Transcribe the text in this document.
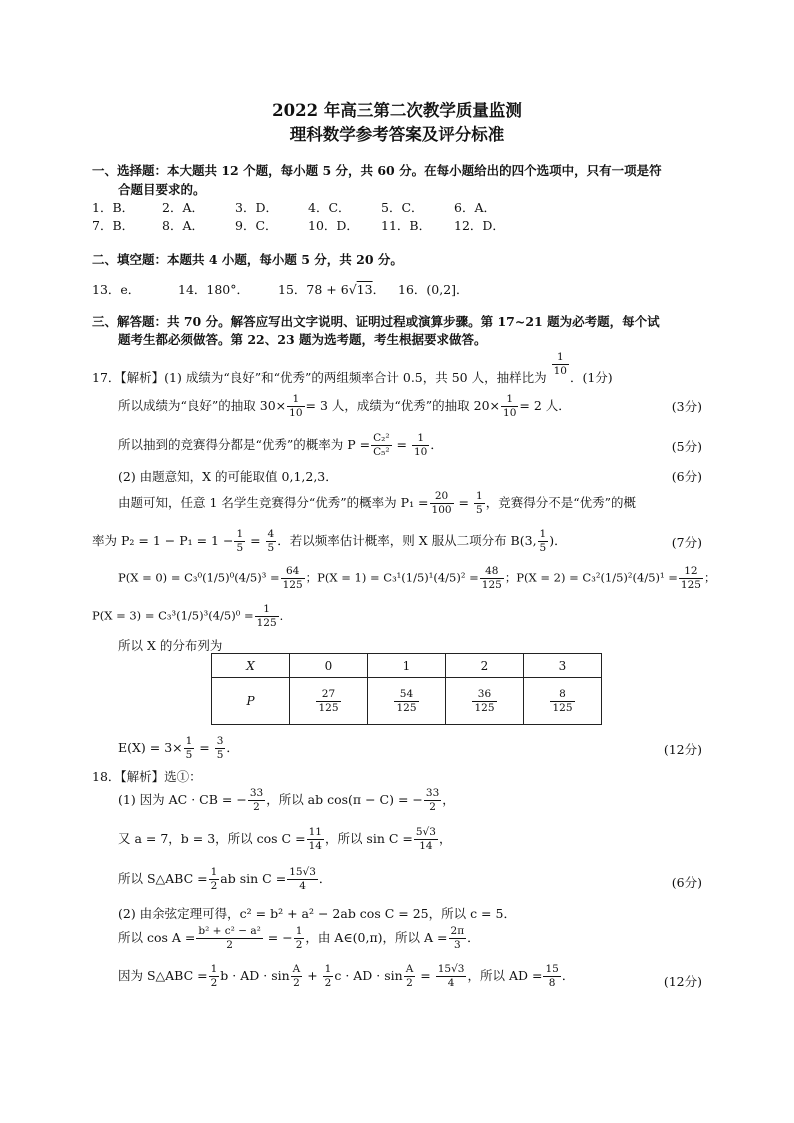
2022 年高三第二次教学质量监测
理科数学参考答案及评分标准
一、选择题：本大题共 12 个题，每小题 5 分，共 60 分。在每小题给出的四个选项中，只有一项是符
合题目要求的。
1．B． 2．A． 3．D． 4．C． 5．C． 6．A．
7．B． 8．A． 9．C． 10．D． 11．B． 12．D．
二、填空题：本题共 4 小题，每小题 5 分，共 20 分。
13．e．	14．180°． 15．78 + 6√13． 16．(0,2]．
三、解答题：共 70 分。解答应写出文字说明、证明过程或演算步骤。第 17~21 题为必考题，每个试
题考生都必须做答。第 22、23 题为选考题，考生根据要求做答。
17．【解析】(1) 成绩为“良好”和“优秀”的两组频率合计 0.5，共 50 人，抽样比为 $\frac{1}{10}$ ．(1分)
所以成绩为“良好”的抽取 $30\times \frac{1}{10} = 3$ 人，成绩为“优秀”的抽取 $20\times \frac{1}{10} = 2$ 人．	(3分)
所以抽到的竞赛得分都是“优秀”的概率为 $P = \frac{\text{C₂²}}{\text{C₅²}} = \frac{1}{10}$ ．	(5分)
(2) 由题意知，X 的可能取值 0,1,2,3．	(6分)
由题可知，任意 1 名学生竞赛得分“优秀”的概率为 $P_1 = \frac{20}{100} = \frac{1}{5}$ ，竞赛得分不是“优秀”的概
率为 $P_2 = 1 - P_1 = 1 - \frac{1}{5} = \frac{4}{5}$ ．若以频率估计概率，则 X 服从二项分布 B(3, $\frac{1}{5}$ )．	(7分)
$P(X = 0) = C_3^0(1/5)^0(4/5)^3 = \frac{64}{125}$ ；$P(X = 1) = C_3^1(1/5)^1(4/5)^2 = \frac{48}{125}$ ；$P(X = 2) = C_3^2(1/5)^2(4/5)^1 = \frac{12}{125}$ ；
$P(X = 3) = C_3^3(1/5)^3(4/5)^0 = \frac{1}{125}$ ．
所以 X 的分布列为
X	0	1	2	3
P	$\frac{27}{125}$	$\frac{54}{125}$	$\frac{36}{125}$	$\frac{8}{125}$
$E(X) = 3\times \frac{1}{5} = \frac{3}{5}$ ．	(12分)
18．【解析】选①：
(1) 因为 AC · CB = − $\frac{33}{2}$ ，所以 ab cos(π − C) = − $\frac{33}{2}$ ，
又 a = 7，b = 3，所以 $\cos C = \frac{11}{14}$ ，所以 $\sin C = \frac{5√3}{14}$ ，
所以 S△ABC = $\frac{1}{2}$ ab $\sin C = \frac{15√3}{4}$ ．	(6分)
(2) 由余弦定理可得，c² = b² + a² − 2ab cos C = 25，所以 c = 5．
所以 $\cos A = \frac{\text{b² + c² − a²}}{2}$ = − $\frac{1}{2}$ ，由 A∈(0,π)，所以 $A = \frac{2\pi}{3}$ ．
因为 S△ABC = $\frac{1}{2}$ b · AD · $\sin \frac{A}{2} + \frac{1}{2}$ c · AD · $\sin \frac{A}{2} = \frac{15√3}{4}$ ，所以 AD = $\frac{15}{8}$ ．	(12分)
